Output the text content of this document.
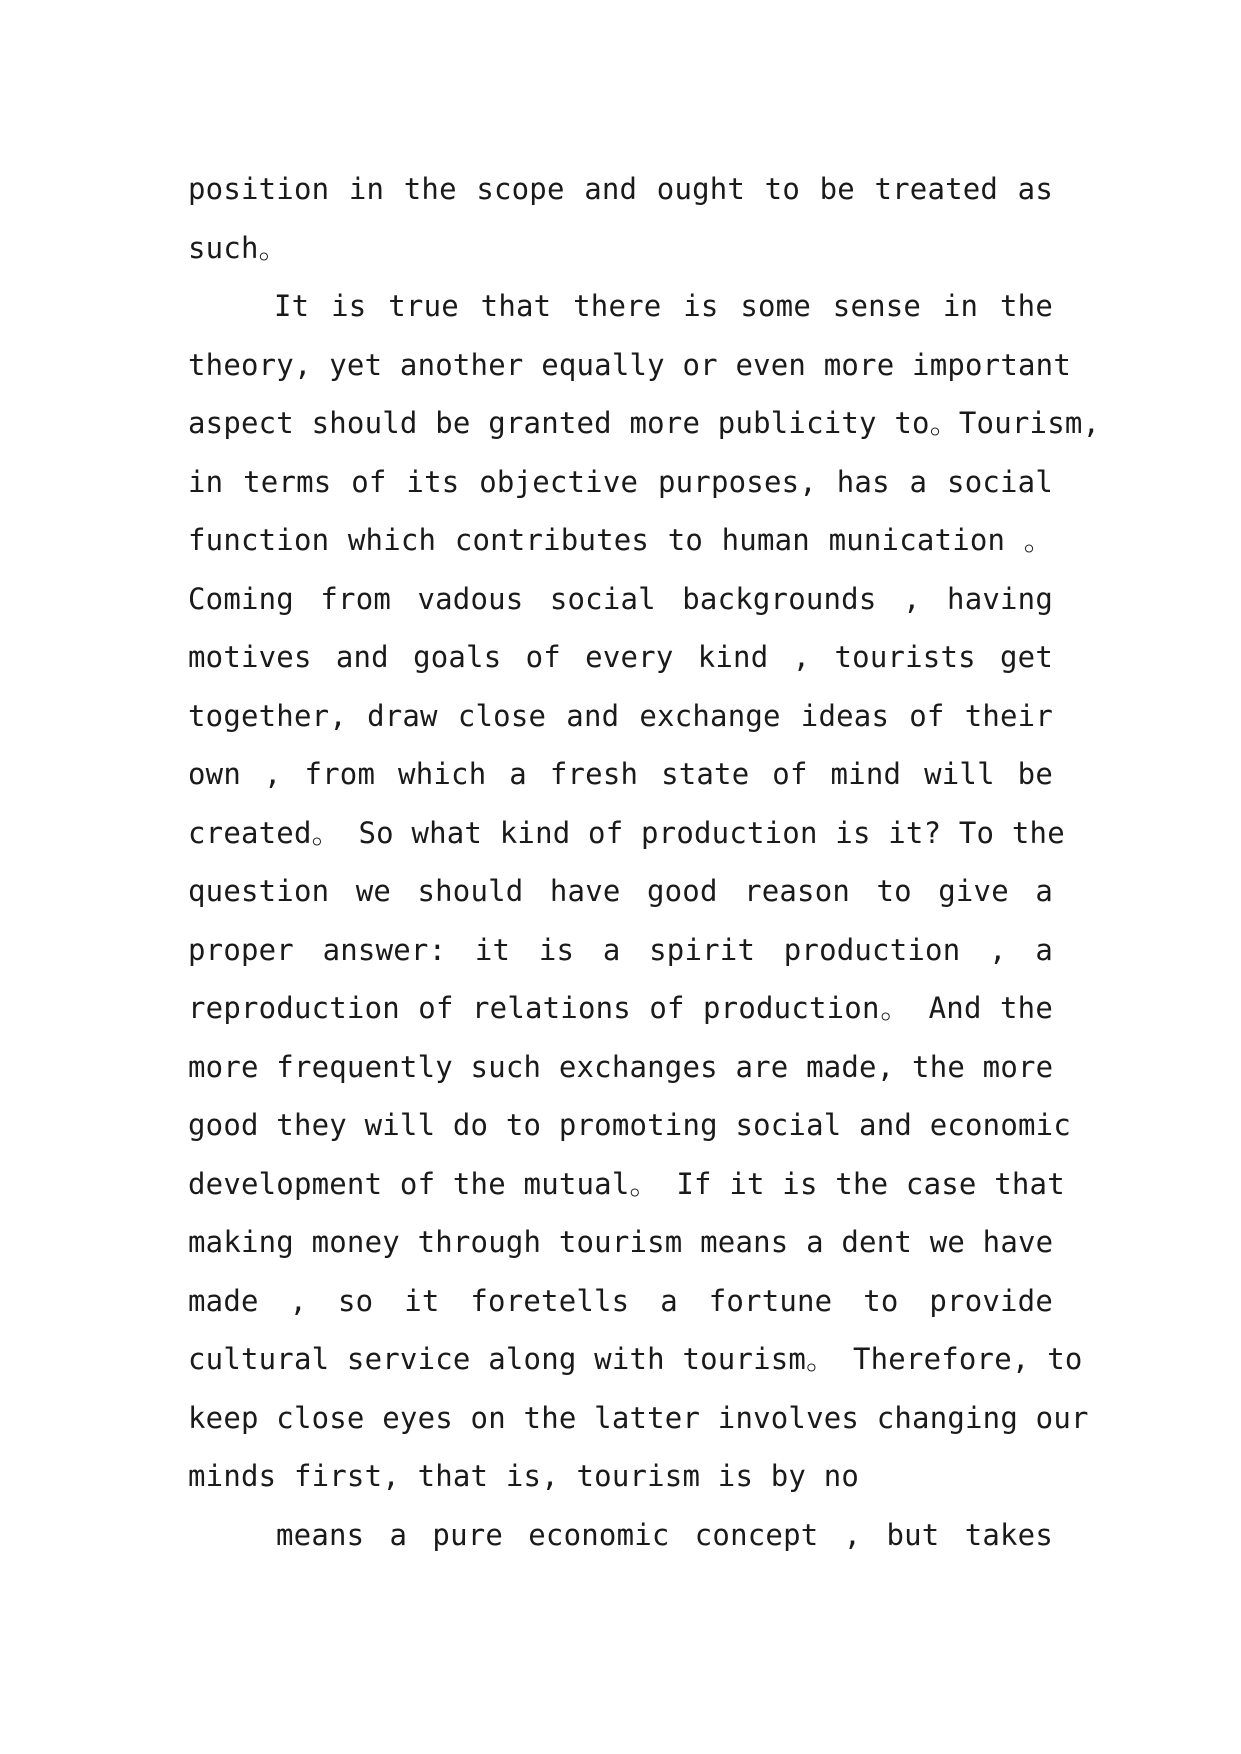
position in the scope and ought to be treated as
such。
It is true that there is some sense in the
theory, yet another equally or even more important
aspect should be granted more publicity to。Tourism,
in terms of its objective purposes, has a social
function which contributes to human munication 。
Coming from vadous social backgrounds , having
motives and goals of every kind , tourists get
together, draw close and exchange ideas of their
own , from which a fresh state of mind will be
created。 So what kind of production is it? To the
question we should have good reason to give a
proper answer: it is a spirit production , a
reproduction of relations of production。 And the
more frequently such exchanges are made, the more
good they will do to promoting social and economic
development of the mutual。 If it is the case that
making money through tourism means a dent we have
made , so it foretells a fortune to provide
cultural service along with tourism。 Therefore, to
keep close eyes on the latter involves changing our
minds first, that is, tourism is by no
means a pure economic concept , but takes
